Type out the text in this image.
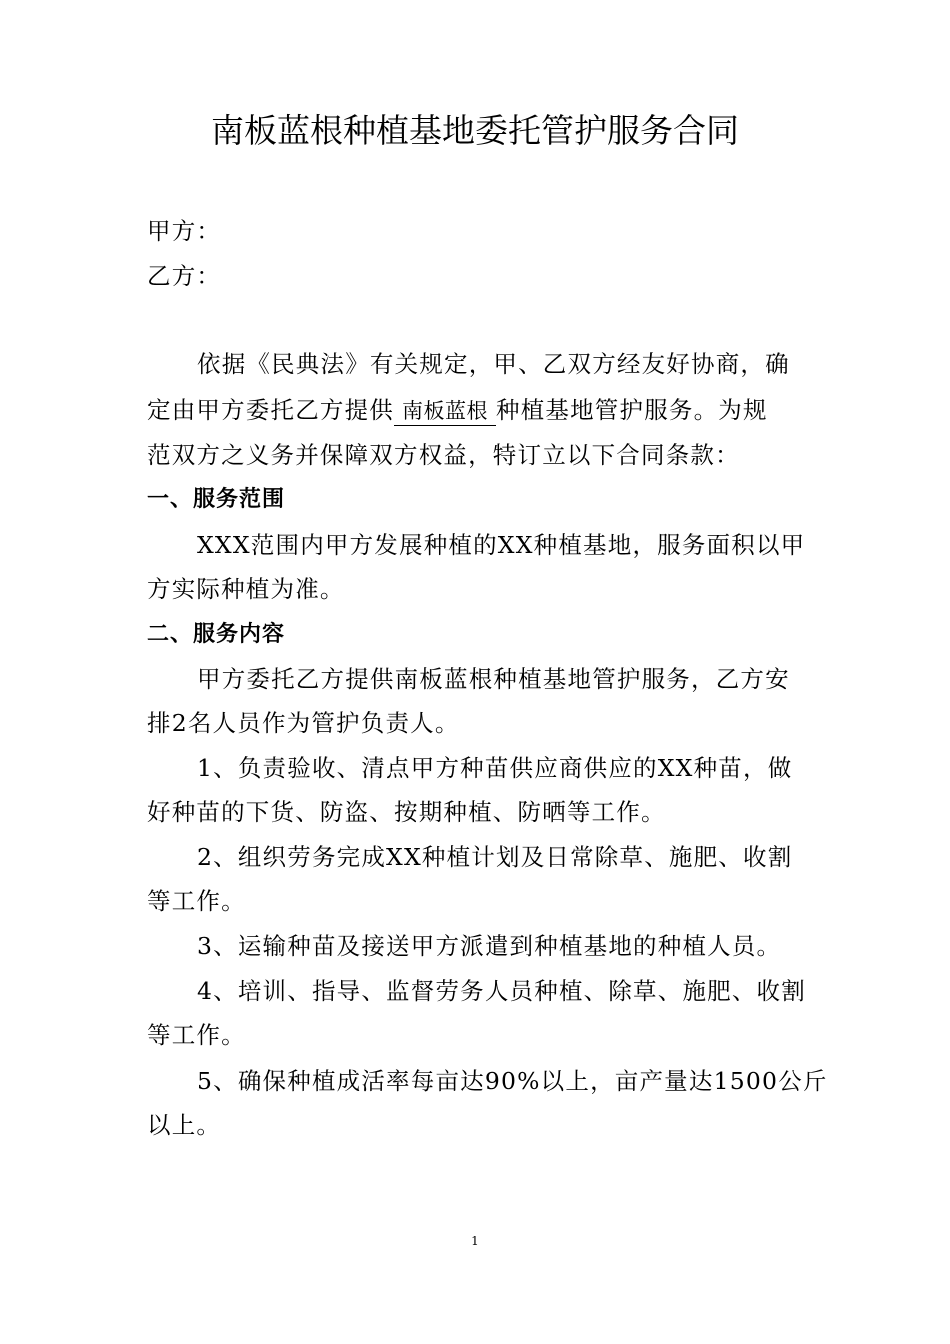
南板蓝根种植基地委托管护服务合同
甲方：
乙方：
依据《民典法》有关规定，甲、乙双方经友好协商，确
定由甲方委托乙方提供 南板蓝根 种植基地管护服务。为规
范双方之义务并保障双方权益，特订立以下合同条款：
一、服务范围
XXX范围内甲方发展种植的XX种植基地，服务面积以甲
方实际种植为准。
二、服务内容
甲方委托乙方提供南板蓝根种植基地管护服务，乙方安
排2名人员作为管护负责人。
1、负责验收、清点甲方种苗供应商供应的XX种苗，做
好种苗的下货、防盗、按期种植、防晒等工作。
2、组织劳务完成XX种植计划及日常除草、施肥、收割
等工作。
3、运输种苗及接送甲方派遣到种植基地的种植人员。
4、培训、指导、监督劳务人员种植、除草、施肥、收割
等工作。
5、确保种植成活率每亩达90%以上，亩产量达1500公斤
以上。
1
